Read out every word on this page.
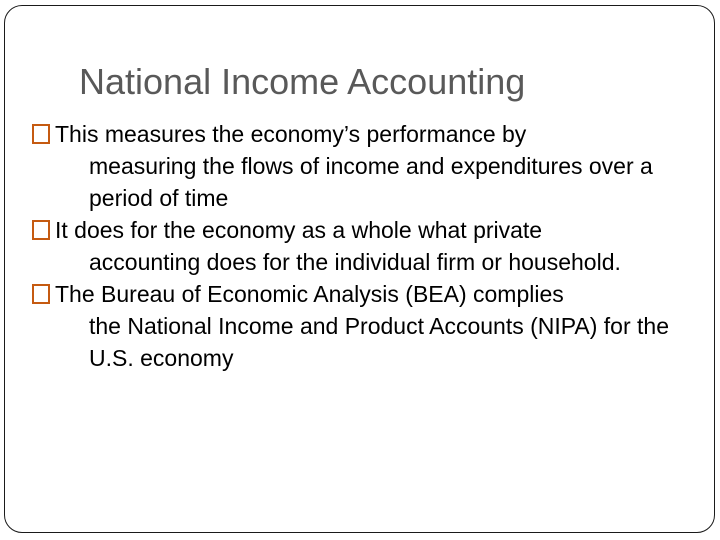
National Income Accounting
This measures the economy’s performance by
measuring the flows of income and expenditures over a period of time
It does for the economy as a whole what private
accounting does for the individual firm or household.
The Bureau of Economic Analysis (BEA) complies
the National Income and Product Accounts (NIPA) for the U.S. economy
